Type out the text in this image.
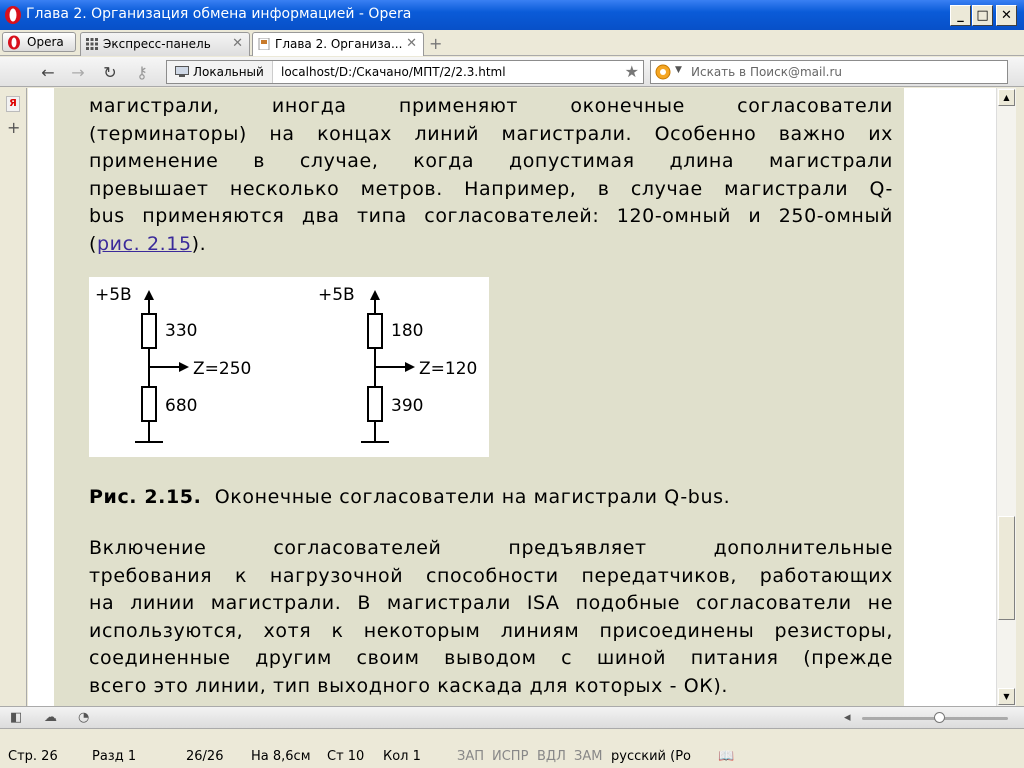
Глава 2. Организация обмена информацией - Opera	_ □ ✕
Opera	Экспресс-панель ✕	Глава 2. Организа... ✕ +
← → ↻ ⚷	Локальный localhost/D:/Скачано/МПТ/2/2.3.html	★	▼ Искать в Поиск@mail.ru
Я
+
магистрали, иногда применяют оконечные согласователи
(терминаторы) на концах линий магистрали. Особенно важно их
применение в случае, когда допустимая длина магистрали
превышает несколько метров. Например, в случае магистрали Q-
bus применяются два типа согласователей: 120-омный и 250-омный
(рис. 2.15).
+5В
330
Z=250
680
+5В
180
Z=120
390
Рис. 2.15. Оконечные согласователи на магистрали Q-bus.
Включение согласователей предъявляет дополнительные
требования к нагрузочной способности передатчиков, работающих
на линии магистрали. В магистрали ISA подобные согласователи не
используются, хотя к некоторым линиям присоединены резисторы,
соединенные другим своим выводом с шиной питания (прежде
всего это линии, тип выходного каскада для которых - ОК).
▲
▼
◧ ☁ ◔	◂
Стр. 26	Разд 1	26/26 На 8,6см Ст 10 Кол 1	ЗАП ИСПР ВДЛ ЗАМ русский (Ро 📖
